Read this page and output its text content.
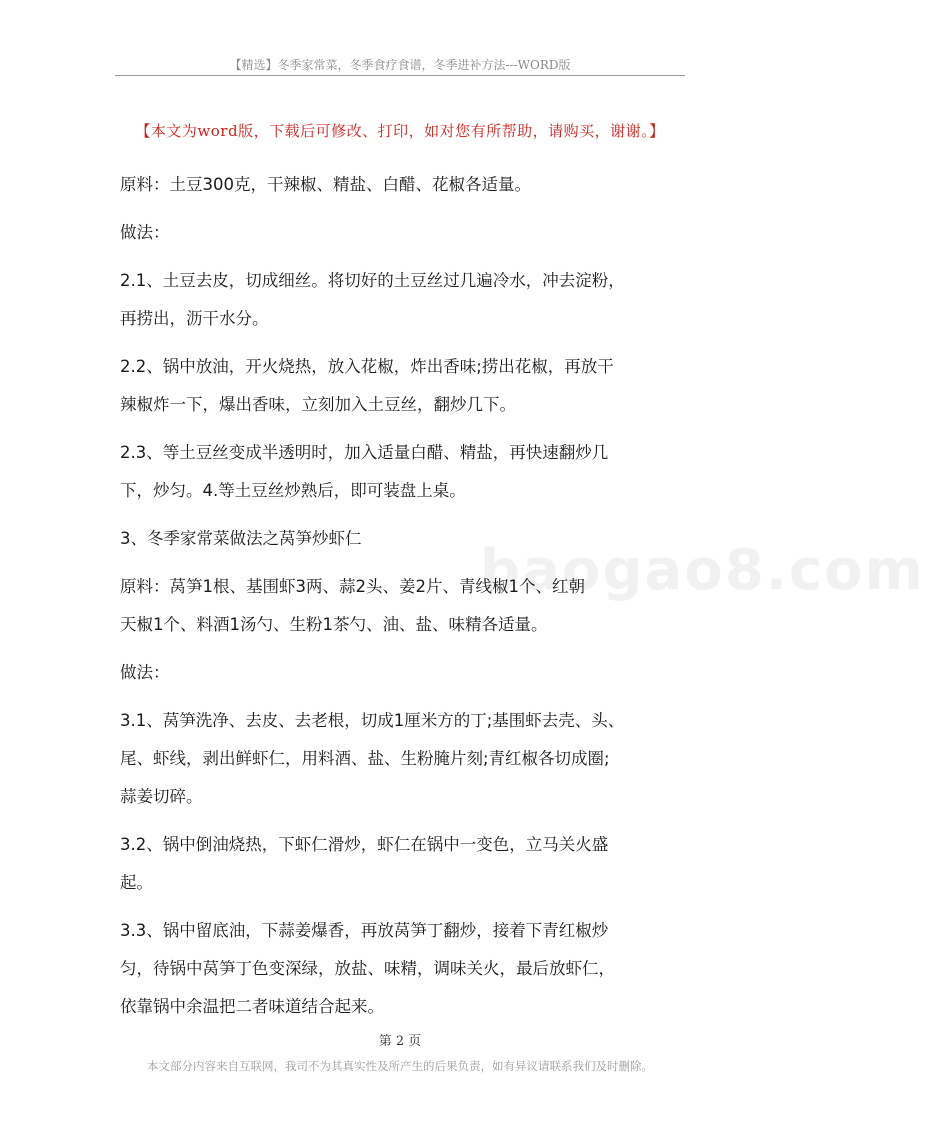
【精选】冬季家常菜，冬季食疗食谱，冬季进补方法---WORD版
【本文为word版，下载后可修改、打印，如对您有所帮助，请购买，谢谢。】
baogao8.com

原料：土豆300克，干辣椒、精盐、白醋、花椒各适量。

做法：

2.1、土豆去皮，切成细丝。将切好的土豆丝过几遍冷水，冲去淀粉，

再捞出，沥干水分。

2.2、锅中放油，开火烧热，放入花椒，炸出香味;捞出花椒，再放干

辣椒炸一下，爆出香味，立刻加入土豆丝，翻炒几下。

2.3、等土豆丝变成半透明时，加入适量白醋、精盐，再快速翻炒几

下，炒匀。4.等土豆丝炒熟后，即可装盘上桌。

3、冬季家常菜做法之莴笋炒虾仁

原料：莴笋1根、基围虾3两、蒜2头、姜2片、青线椒1个、红朝

天椒1个、料酒1汤勺、生粉1茶勺、油、盐、味精各适量。

做法：

3.1、莴笋洗净、去皮、去老根，切成1厘米方的丁;基围虾去壳、头、

尾、虾线，剥出鲜虾仁，用料酒、盐、生粉腌片刻;青红椒各切成圈;

蒜姜切碎。

3.2、锅中倒油烧热，下虾仁滑炒，虾仁在锅中一变色，立马关火盛

起。

3.3、锅中留底油，下蒜姜爆香，再放莴笋丁翻炒，接着下青红椒炒

匀，待锅中莴笋丁色变深绿，放盐、味精，调味关火，最后放虾仁，

依靠锅中余温把二者味道结合起来。

第 2 页
本文部分内容来自互联网，我司不为其真实性及所产生的后果负责，如有异议请联系我们及时删除。
